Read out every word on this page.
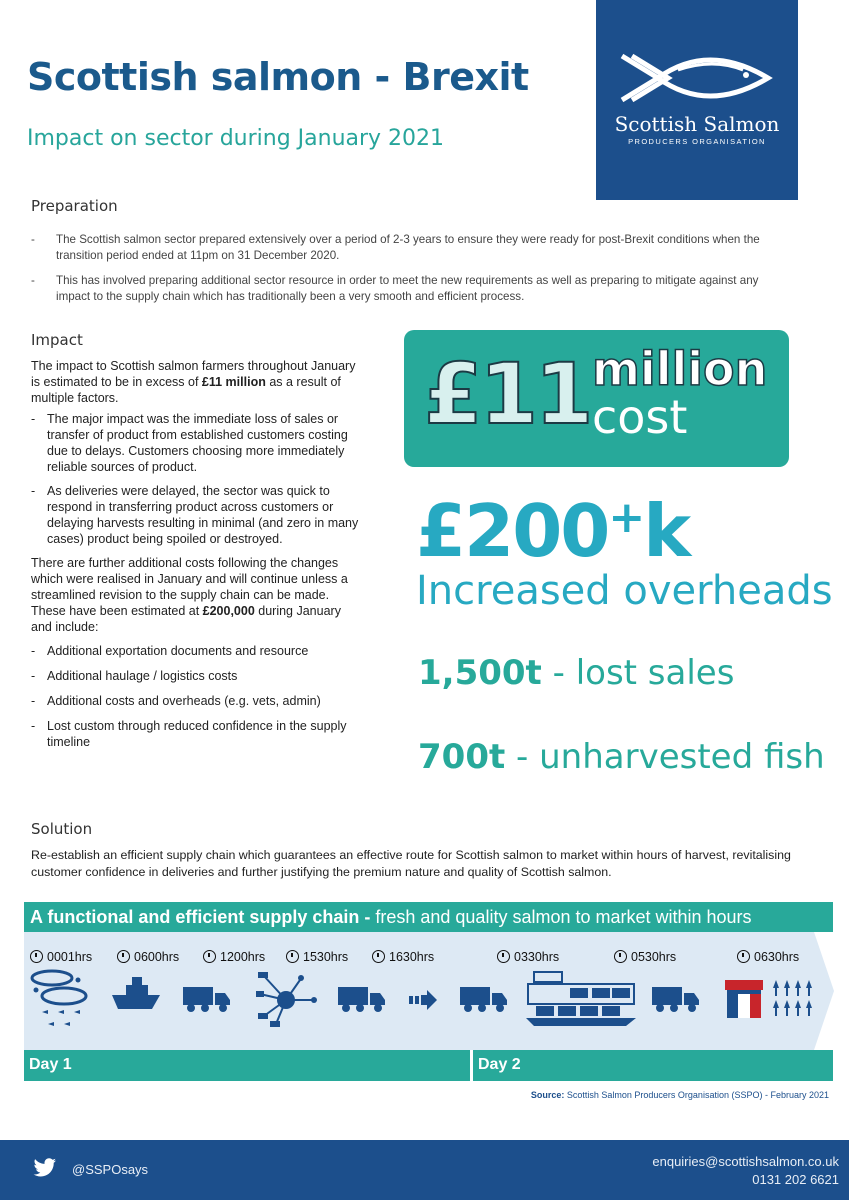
Scottish salmon - Brexit
Impact on sector during January 2021
Scottish Salmon
PRODUCERS ORGANISATION
Preparation
- The Scottish salmon sector prepared extensively over a period of 2-3 years to ensure they were ready for post-Brexit conditions when the transition period ended at 11pm on 31 December 2020.
- This has involved preparing additional sector resource in order to meet the new requirements as well as preparing to mitigate against any impact to the supply chain which has traditionally been a very smooth and efficient process.
Impact

The impact to Scottish salmon farmers throughout January is estimated to be in excess of £11 million as a result of multiple factors.

- The major impact was the immediate loss of sales or transfer of product from established customers costing due to delays. Customers choosing more immediately reliable sources of product.
- As deliveries were delayed, the sector was quick to respond in transferring product across customers or delaying harvests resulting in minimal (and zero in many cases) product being spoiled or destroyed.

There are further additional costs following the changes which were realised in January and will continue unless a streamlined revision to the supply chain can be made. These have been estimated at £200,000 during January and include:

- Additional exportation documents and resource
- Additional haulage / logistics costs
- Additional costs and overheads (e.g. vets, admin)
- Lost custom through reduced confidence in the supply timeline
£11 million
cost
£200+k
Increased overheads
1,500t - lost sales
700t - unharvested fish
Solution
Re-establish an efficient supply chain which guarantees an effective route for Scottish salmon to market within hours of harvest, revitalising customer confidence in deliveries and further justifying the premium nature and quality of Scottish salmon.
A functional and efficient supply chain - fresh and quality salmon to market within hours
0001hrs	0600hrs	1200hrs	1530hrs	1630hrs	0330hrs	0530hrs	0630hrs
Day 1	Day 2
Source: Scottish Salmon Producers Organisation (SSPO) - February 2021
@SSPOsays
enquiries@scottishsalmon.co.uk
0131 202 6621
